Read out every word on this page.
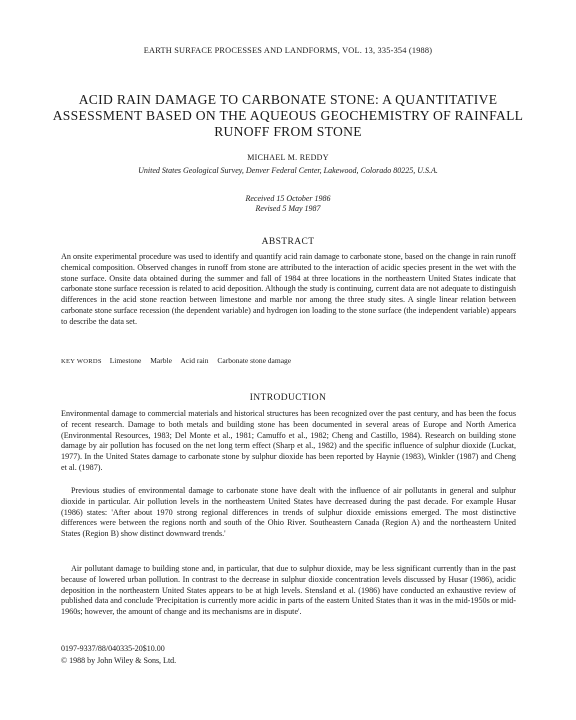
EARTH SURFACE PROCESSES AND LANDFORMS, VOL. 13, 335-354 (1988)
ACID RAIN DAMAGE TO CARBONATE STONE: A QUANTITATIVE ASSESSMENT BASED ON THE AQUEOUS GEOCHEMISTRY OF RAINFALL RUNOFF FROM STONE
MICHAEL M. REDDY
United States Geological Survey, Denver Federal Center, Lakewood, Colorado 80225, U.S.A.
Received 15 October 1986
Revised 5 May 1987
ABSTRACT

An onsite experimental procedure was used to identify and quantify acid rain damage to carbonate stone, based on the change in rain runoff chemical composition. Observed changes in runoff from stone are attributed to the interaction of acidic species present in the wet with the stone surface. Onsite data obtained during the summer and fall of 1984 at three locations in the northeastern United States indicate that carbonate stone surface recession is related to acid deposition. Although the study is continuing, current data are not adequate to distinguish differences in the acid stone reaction between limestone and marble nor among the three study sites. A single linear relation between carbonate stone surface recession (the dependent variable) and hydrogen ion loading to the stone surface (the independent variable) appears to describe the data set.

KEY WORDS Limestone Marble Acid rain Carbonate stone damage

INTRODUCTION

Environmental damage to commercial materials and historical structures has been recognized over the past century, and has been the focus of recent research. Damage to both metals and building stone has been documented in several areas of Europe and North America (Environmental Resources, 1983; Del Monte et al., 1981; Camuffo et al., 1982; Cheng and Castillo, 1984). Research on building stone damage by air pollution has focused on the net long term effect (Sharp et al., 1982) and the specific influence of sulphur dioxide (Luckat, 1977). In the United States damage to carbonate stone by sulphur dioxide has been reported by Haynie (1983), Winkler (1987) and Cheng et al. (1987).

Previous studies of environmental damage to carbonate stone have dealt with the influence of air pollutants in general and sulphur dioxide in particular. Air pollution levels in the northeastern United States have decreased during the past decade. For example Husar (1986) states: 'After about 1970 strong regional differences in trends of sulphur dioxide emissions emerged. The most distinctive differences were between the regions north and south of the Ohio River. Southeastern Canada (Region A) and the northeastern United States (Region B) show distinct downward trends.'

Air pollutant damage to building stone and, in particular, that due to sulphur dioxide, may be less significant currently than in the past because of lowered urban pollution. In contrast to the decrease in sulphur dioxide concentration levels discussed by Husar (1986), acidic deposition in the northeastern United States appears to be at high levels. Stensland et al. (1986) have conducted an exhaustive review of published data and conclude 'Precipitation is currently more acidic in parts of the eastern United States than it was in the mid-1950s or mid-1960s; however, the amount of change and its mechanisms are in dispute'.

0197-9337/88/040335-20$10.00
© 1988 by John Wiley & Sons, Ltd.
